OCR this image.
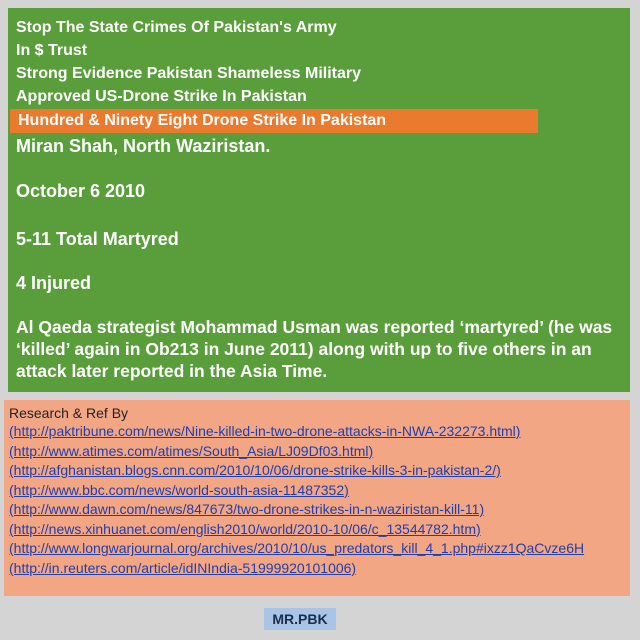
Stop The State Crimes Of Pakistan's Army
In $ Trust
Strong Evidence Pakistan Shameless Military
Approved US-Drone Strike In Pakistan
Hundred & Ninety Eight Drone Strike In Pakistan
Miran Shah, North Waziristan.
October 6 2010
5-11 Total Martyred
4 Injured
Al Qaeda strategist Mohammad Usman was reported ‘martyred’ (he was ‘killed’ again in Ob213 in June 2011) along with up to five others in an attack later reported in the Asia Time.
Research & Ref By
(http://paktribune.com/news/Nine-killed-in-two-drone-attacks-in-NWA-232273.html)
(http://www.atimes.com/atimes/South_Asia/LJ09Df03.html)
(http://afghanistan.blogs.cnn.com/2010/10/06/drone-strike-kills-3-in-pakistan-2/)
(http://www.bbc.com/news/world-south-asia-11487352)
(http://www.dawn.com/news/847673/two-drone-strikes-in-n-waziristan-kill-11)
(http://news.xinhuanet.com/english2010/world/2010-10/06/c_13544782.htm)
(http://www.longwarjournal.org/archives/2010/10/us_predators_kill_4_1.php#ixzz1QaCvze6H
(http://in.reuters.com/article/idINIndia-51999920101006)
MR.PBK
